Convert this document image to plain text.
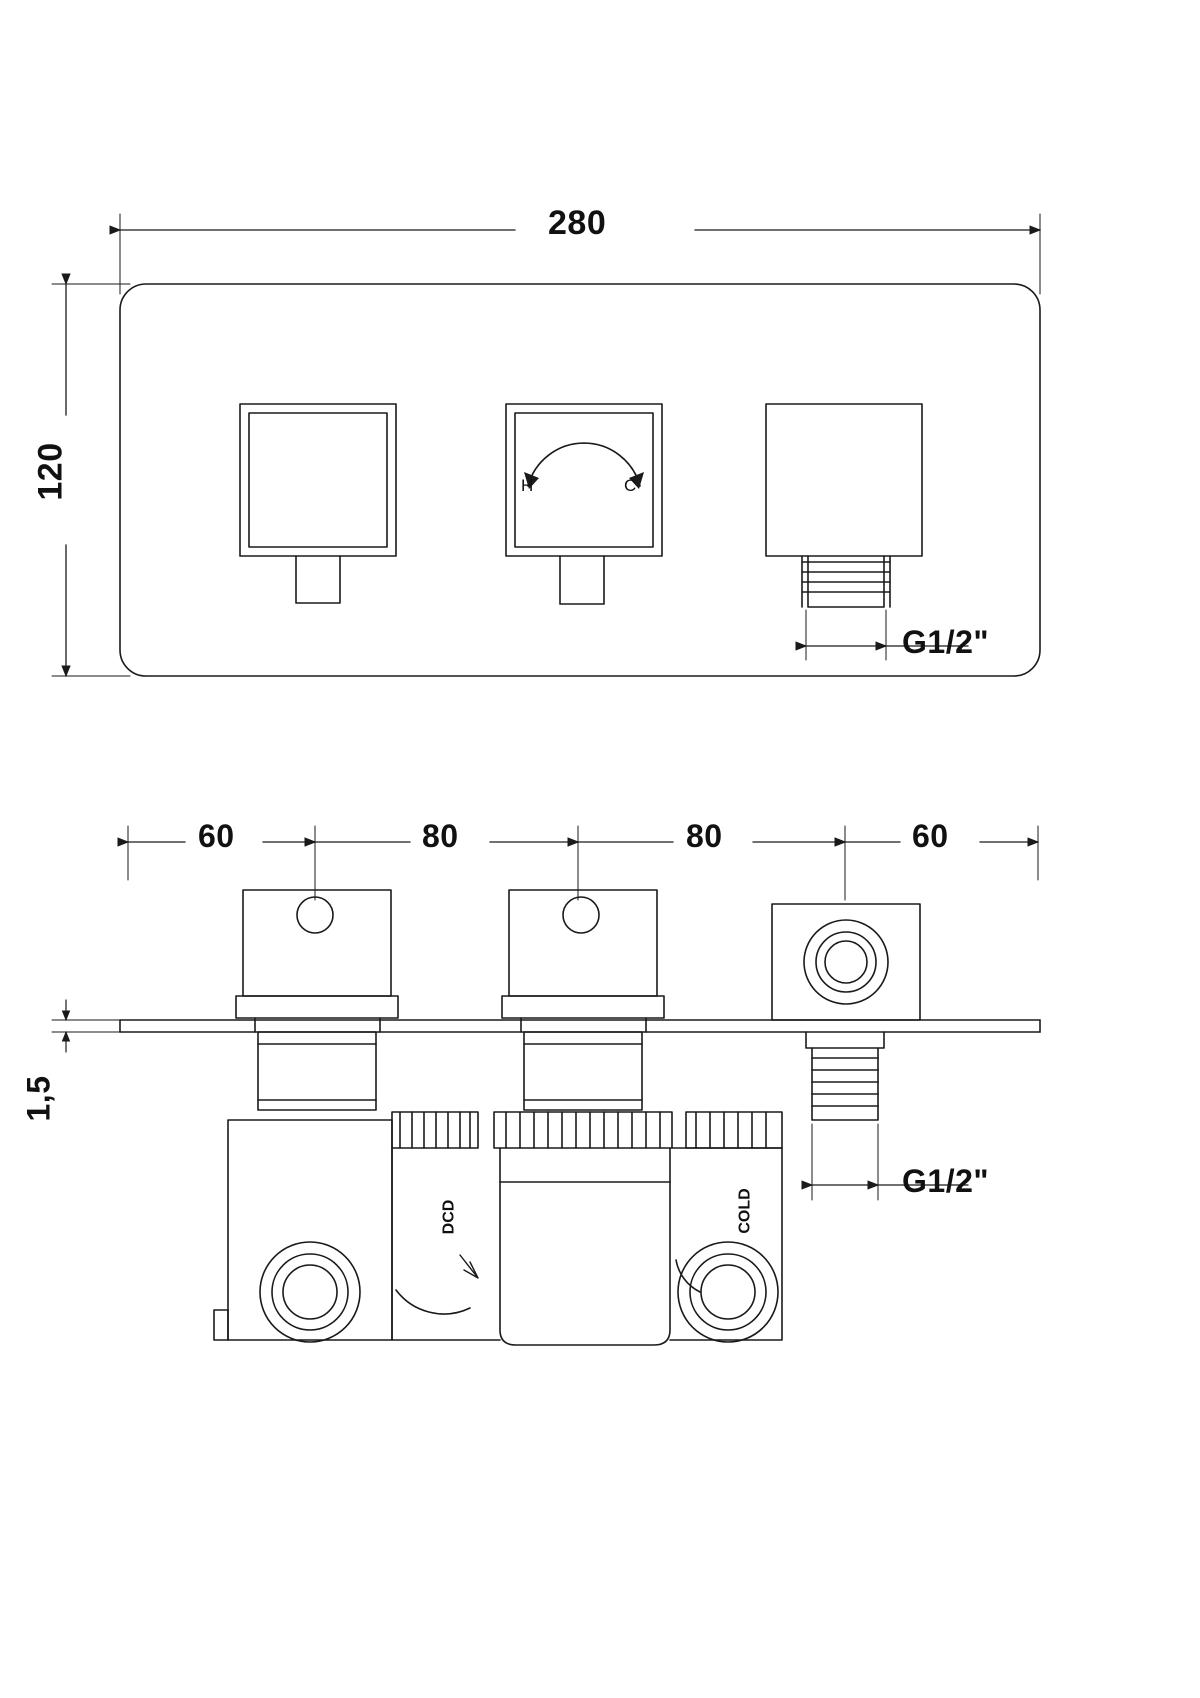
280
120
G1/2"
H	C
60	80	80	60
1,5
G1/2"
COLD
DCD
